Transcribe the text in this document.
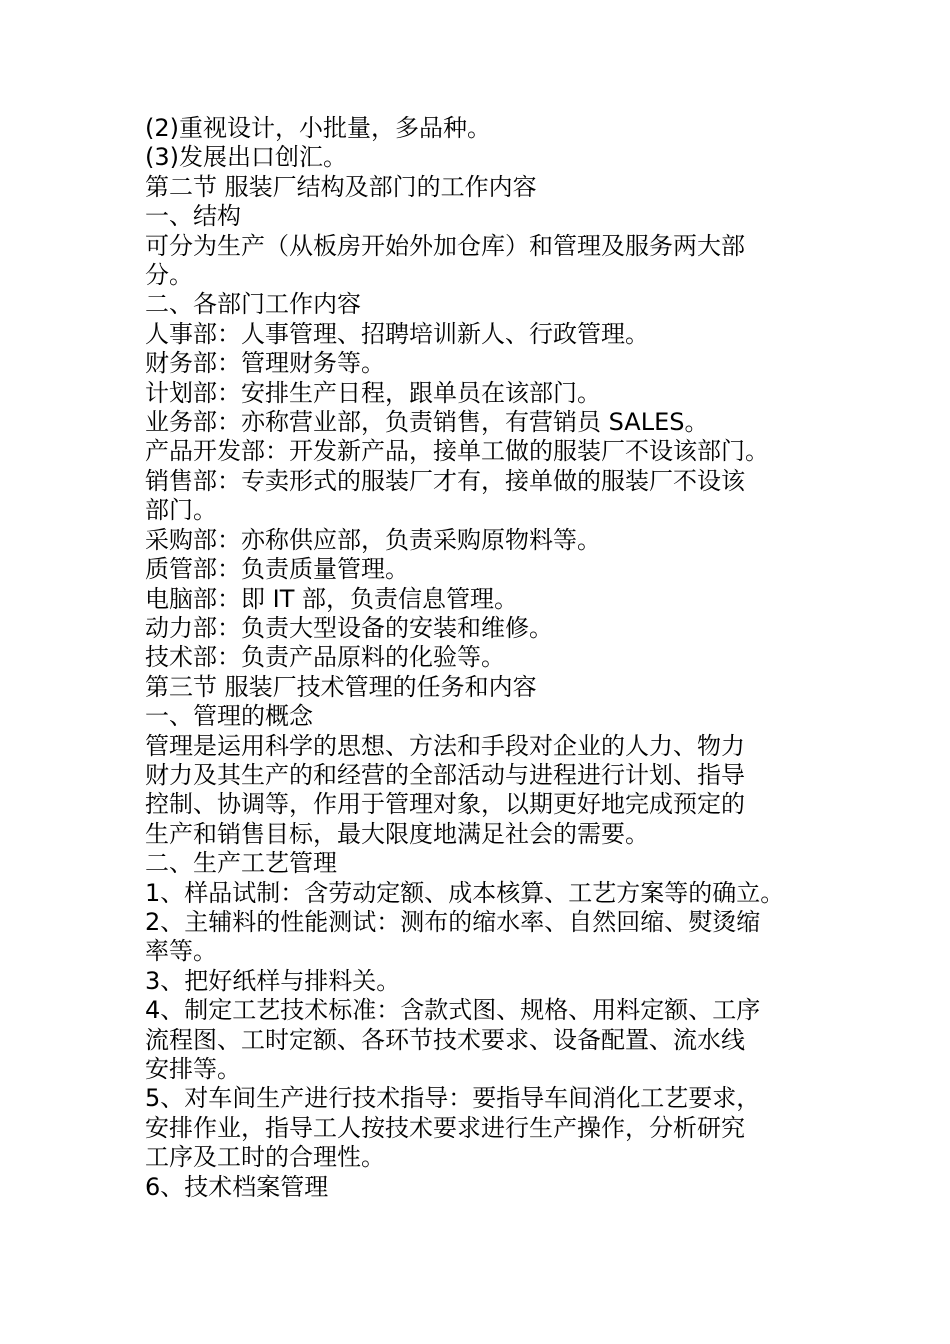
(2)重视设计，小批量，多品种。
(3)发展出口创汇。
第二节 服装厂结构及部门的工作内容
一、结构
可分为生产（从板房开始外加仓库）和管理及服务两大部
分。
二、各部门工作内容
人事部：人事管理、招聘培训新人、行政管理。
财务部：管理财务等。
计划部：安排生产日程，跟单员在该部门。
业务部：亦称营业部，负责销售，有营销员 SALES。
产品开发部：开发新产品，接单工做的服装厂不设该部门。
销售部：专卖形式的服装厂才有，接单做的服装厂不设该
部门。
采购部：亦称供应部，负责采购原物料等。
质管部：负责质量管理。
电脑部：即 IT 部，负责信息管理。
动力部：负责大型设备的安装和维修。
技术部：负责产品原料的化验等。
第三节 服装厂技术管理的任务和内容
一、管理的概念
管理是运用科学的思想、方法和手段对企业的人力、物力
财力及其生产的和经营的全部活动与进程进行计划、指导
控制、协调等，作用于管理对象，以期更好地完成预定的
生产和销售目标，最大限度地满足社会的需要。
二、生产工艺管理
1、样品试制：含劳动定额、成本核算、工艺方案等的确立。
2、主辅料的性能测试：测布的缩水率、自然回缩、熨烫缩
率等。
3、把好纸样与排料关。
4、制定工艺技术标准：含款式图、规格、用料定额、工序
流程图、工时定额、各环节技术要求、设备配置、流水线
安排等。
5、对车间生产进行技术指导：要指导车间消化工艺要求，
安排作业，指导工人按技术要求进行生产操作，分析研究
工序及工时的合理性。
6、技术档案管理
